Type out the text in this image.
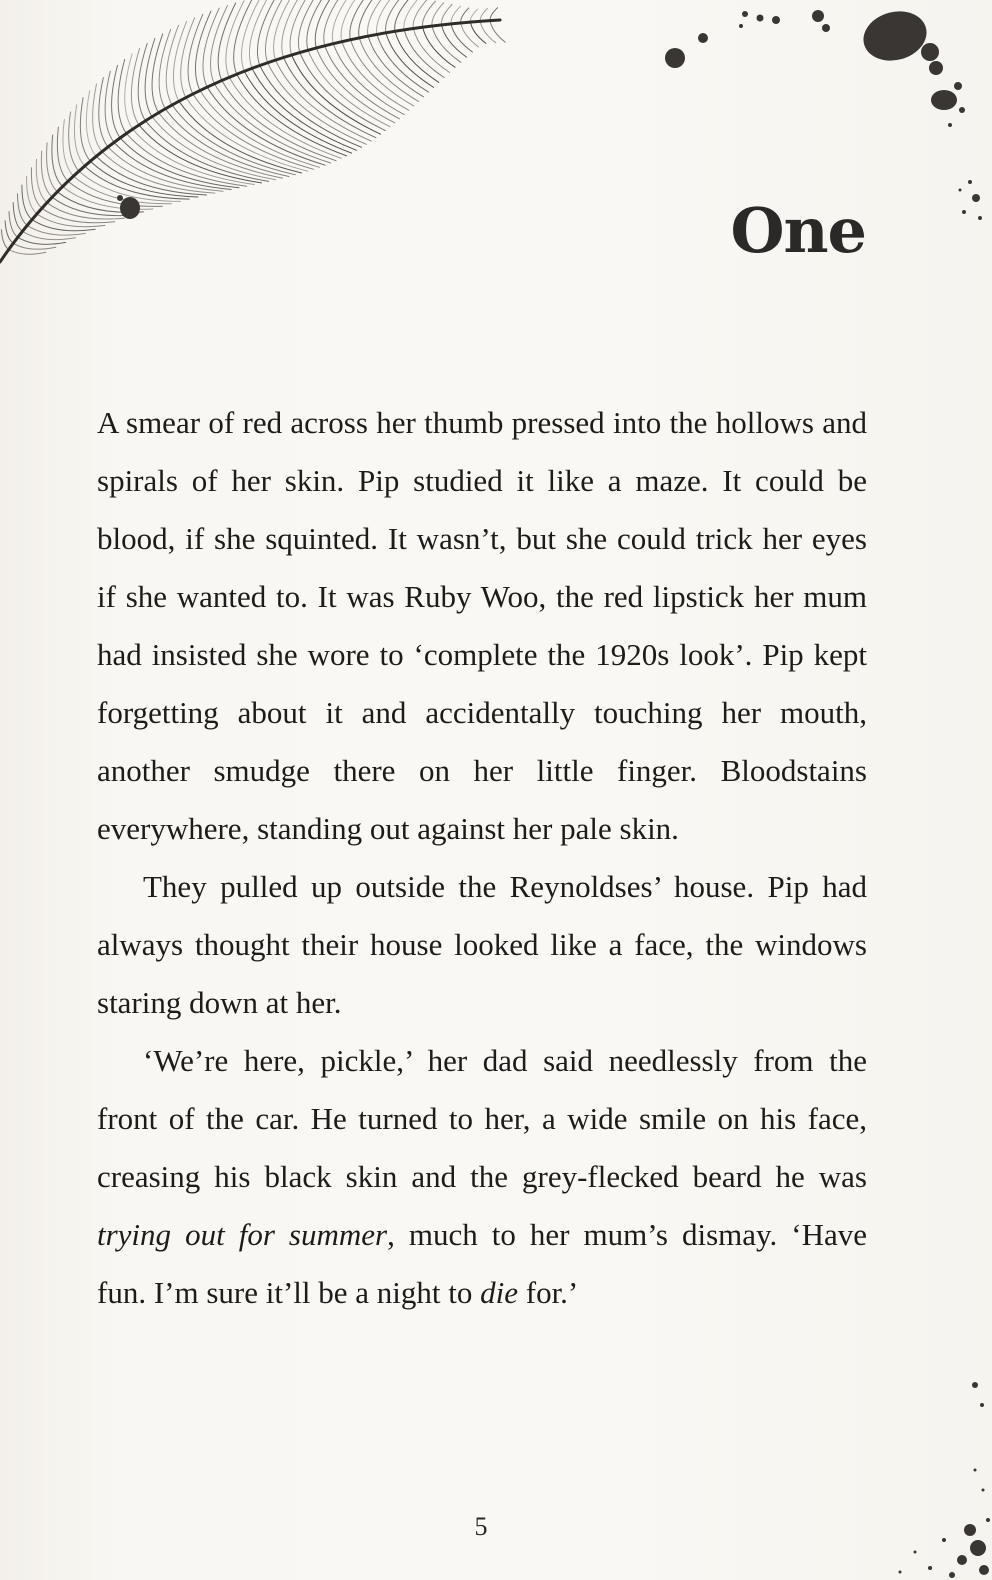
One

A smear of red across her thumb pressed into the hollows and spirals of her skin. Pip studied it like a maze. It could be blood, if she squinted. It wasn’t, but she could trick her eyes if she wanted to. It was Ruby Woo, the red lipstick her mum had insisted she wore to ‘complete the 1920s look’. Pip kept forgetting about it and accidentally touching her mouth, another smudge there on her little finger. Bloodstains everywhere, standing out against her pale skin.

They pulled up outside the Reynoldses’ house. Pip had always thought their house looked like a face, the windows staring down at her.

‘We’re here, pickle,’ her dad said needlessly from the front of the car. He turned to her, a wide smile on his face, creasing his black skin and the grey-flecked beard he was trying out for summer, much to her mum’s dismay. ‘Have fun. I’m sure it’ll be a night to die for.’

5
